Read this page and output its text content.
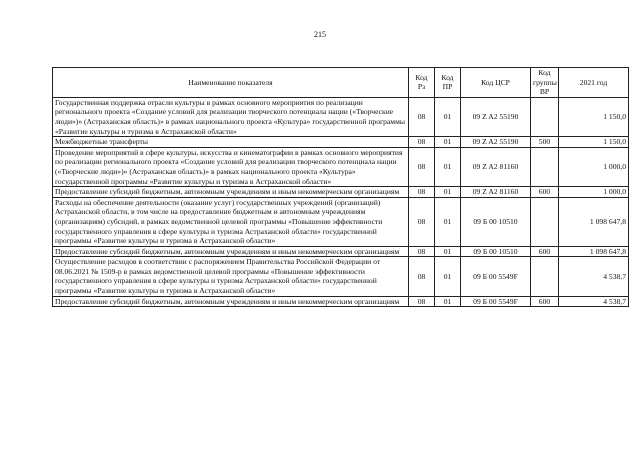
215
Наименование показателя	Код Рз	Код ПР	Код ЦСР	Код группы ВР	2021 год
Государственная поддержка отрасли культуры в рамках основного мероприятия по реализации регионального проекта «Создание условий для реализации творческого потенциала нации («Творческие люди»)» (Астраханская область)» в рамках национального проекта «Культура» государственной программы «Развитие культуры и туризма в Астраханской области»	08	01	09 Z A2 55190		1 150,0
Межбюджетные трансферты	08	01	09 Z A2 55190	500	1 150,0
Проведение мероприятий в сфере культуры, искусства и кинематографии в рамках основного мероприятия по реализации регионального проекта «Создание условий для реализации творческого потенциала нации («Творческие люди»)» (Астраханская область)» в рамках национального проекта «Культура» государственной программы «Развитие культуры и туризма в Астраханской области»	08	01	09 Z A2 81160		1 000,0
Предоставление субсидий бюджетным, автономным учреждениям и иным некоммерческим организациям	08	01	09 Z A2 81160	600	1 000,0
Расходы на обеспечение деятельности (оказание услуг) государственных учреждений (организаций) Астраханской области, в том числе на предоставление бюджетным и автономным учреждениям (организациям) субсидий, в рамках ведомственной целевой программы «Повышение эффективности государственного управления в сфере культуры и туризма Астраханской области» государственной программы «Развитие культуры и туризма в Астраханской области»	08	01	09 Б 00 10510		1 098 647,8
Предоставление субсидий бюджетным, автономным учреждениям и иным некоммерческим организациям	08	01	09 Б 00 10510	600	1 098 647,8
Осуществление расходов в соответствии с распоряжением Правительства Российской Федерации от 08.06.2021 № 1509-р в рамках ведомственной целевой программы «Повышение эффективности государственного управления в сфере культуры и туризма Астраханской области» государственной программы «Развитие культуры и туризма в Астраханской области»	08	01	09 Б 00 5549F		4 538,7
Предоставление субсидий бюджетным, автономным учреждениям и иным некоммерческим организациям	08	01	09 Б 00 5549F	600	4 538,7
